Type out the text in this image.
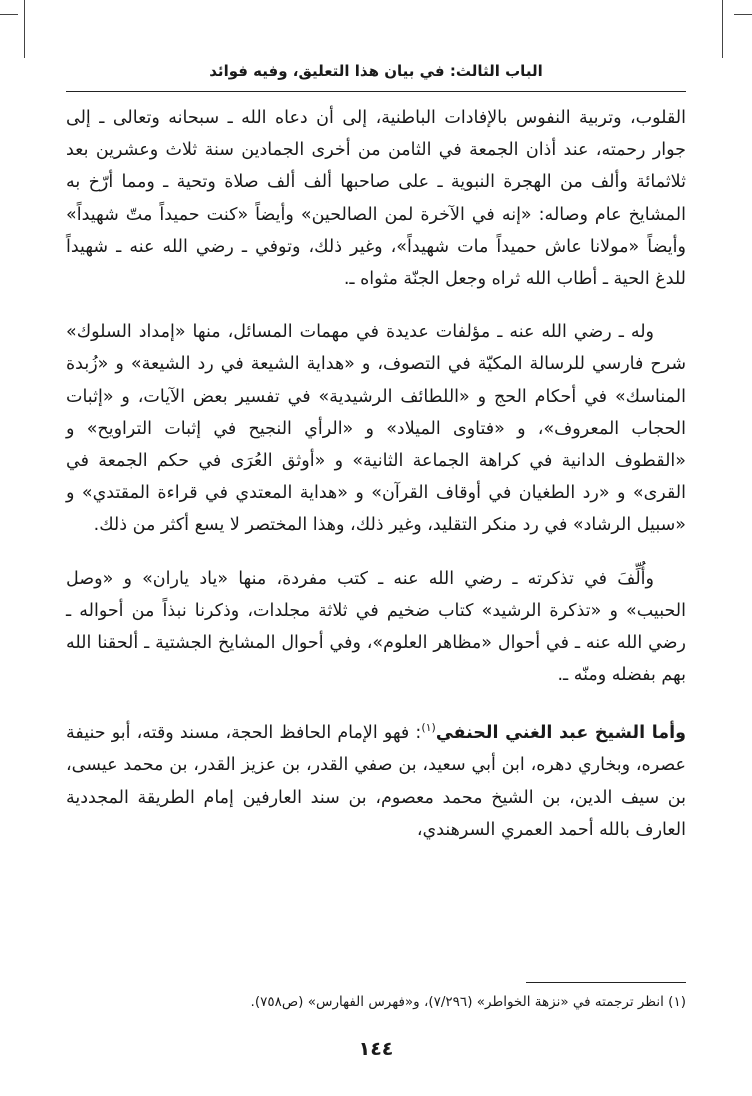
الباب الثالث: في بيان هذا التعليق، وفيه فوائد

القلوب، وتربية النفوس بالإفادات الباطنية، إلى أن دعاه الله ـ سبحانه وتعالى ـ إلى جوار رحمته، عند أذان الجمعة في الثامن من أخرى الجمادين سنة ثلاث وعشرين بعد ثلاثمائة وألف من الهجرة النبوية ـ على صاحبها ألف ألف صلاة وتحية ـ ومما أرّخ به المشايخ عام وصاله: «إنه في الآخرة لمن الصالحين» وأيضاً «كنت حميداً متّ شهيداً» وأيضاً «مولانا عاش حميداً مات شهيداً»، وغير ذلك، وتوفي ـ رضي الله عنه ـ شهيداً للدغ الحية ـ أطاب الله ثراه وجعل الجنّة مثواه ـ.

وله ـ رضي الله عنه ـ مؤلفات عديدة في مهمات المسائل، منها «إمداد السلوك» شرح فارسي للرسالة المكيّة في التصوف، و «هداية الشيعة في رد الشيعة» و «زُبدة المناسك» في أحكام الحج و «اللطائف الرشيدية» في تفسير بعض الآيات، و «إثبات الحجاب المعروف»، و «فتاوى الميلاد» و «الرأي النجيح في إثبات التراويح» و «القطوف الدانية في كراهة الجماعة الثانية» و «أوثق العُرَى في حكم الجمعة في القرى» و «رد الطغيان في أوقاف القرآن» و «هداية المعتدي في قراءة المقتدي» و «سبيل الرشاد» في رد منكر التقليد، وغير ذلك، وهذا المختصر لا يسع أكثر من ذلك.

وأُلِّفَ في تذكرته ـ رضي الله عنه ـ كتب مفردة، منها «ياد ياران» و «وصل الحبيب» و «تذكرة الرشيد» كتاب ضخيم في ثلاثة مجلدات، وذكرنا نبذاً من أحواله ـ رضي الله عنه ـ في أحوال «مظاهر العلوم»، وفي أحوال المشايخ الجشتية ـ ألحقنا الله بهم بفضله ومنّه ـ.

وأما الشيخ عبد الغني الحنفي$^{(١)}$: فهو الإمام الحافظ الحجة، مسند وقته، أبو حنيفة عصره، وبخاري دهره، ابن أبي سعيد، بن صفي القدر، بن عزيز القدر، بن محمد عيسى، بن سيف الدين، بن الشيخ محمد معصوم، بن سند العارفين إمام الطريقة المجددية العارف بالله أحمد العمري السرهندي،

(١) انظر ترجمته في «نزهة الخواطر» (٧/٢٩٦)، و«فهرس الفهارس» (ص٧٥٨).
١٤٤
